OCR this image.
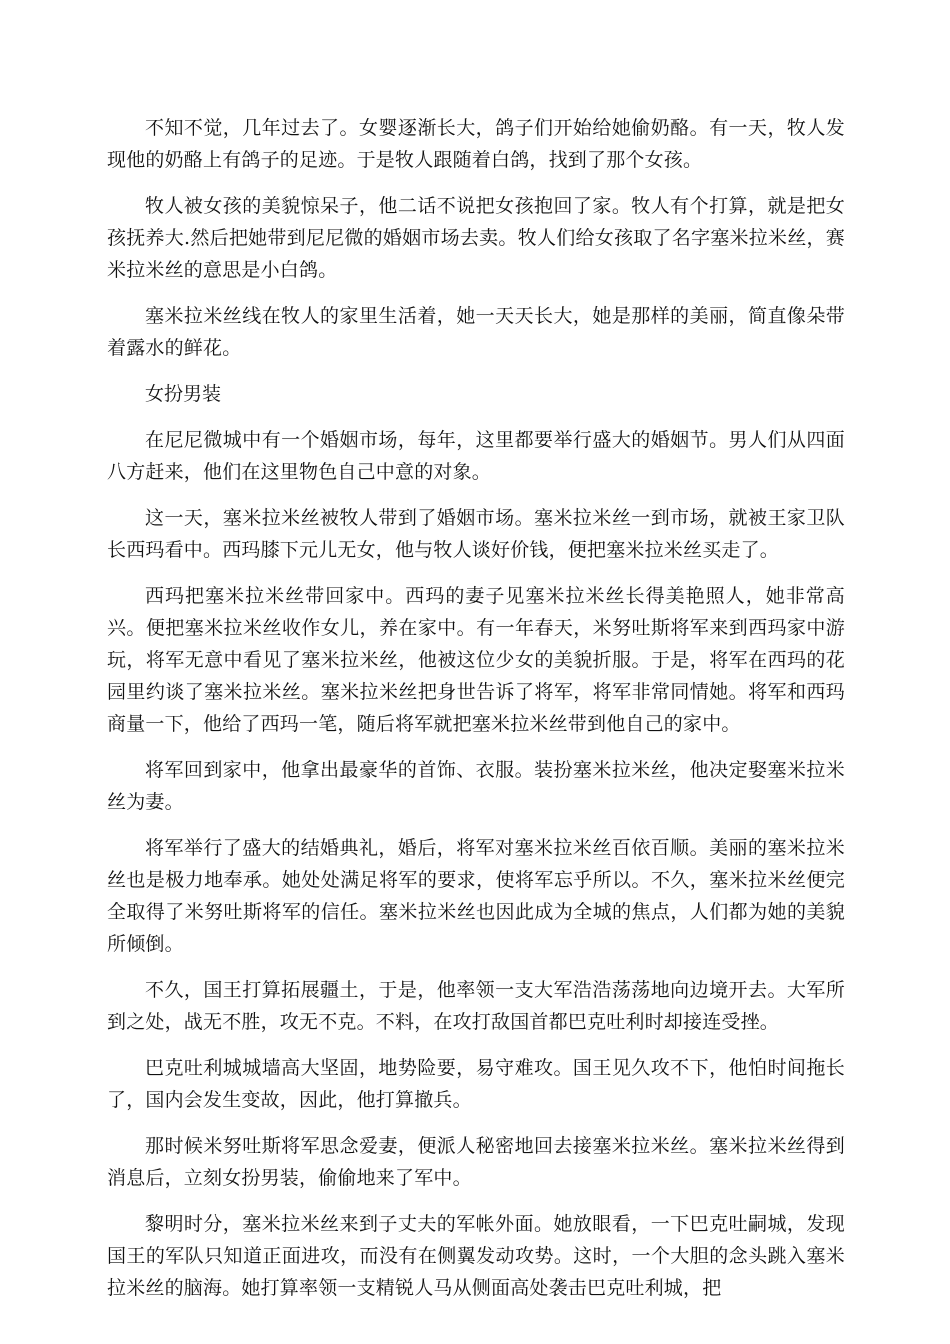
不知不觉，几年过去了。女婴逐渐长大，鸽子们开始给她偷奶酪。有一天，牧人发现他的奶酪上有鸽子的足迹。于是牧人跟随着白鸽，找到了那个女孩。

牧人被女孩的美貌惊呆子，他二话不说把女孩抱回了家。牧人有个打算，就是把女孩抚养大.然后把她带到尼尼微的婚姻市场去卖。牧人们给女孩取了名字塞米拉米丝，赛米拉米丝的意思是小白鸽。

塞米拉米丝线在牧人的家里生活着，她一天天长大，她是那样的美丽，简直像朵带着露水的鲜花。

女扮男装

在尼尼微城中有一个婚姻市场，每年，这里都要举行盛大的婚姻节。男人们从四面八方赶来，他们在这里物色自己中意的对象。

这一天，塞米拉米丝被牧人带到了婚姻市场。塞米拉米丝一到市场，就被王家卫队长西玛看中。西玛膝下元儿无女，他与牧人谈好价钱，便把塞米拉米丝买走了。

西玛把塞米拉米丝带回家中。西玛的妻子见塞米拉米丝长得美艳照人，她非常高兴。便把塞米拉米丝收作女儿，养在家中。有一年春天，米努吐斯将军来到西玛家中游玩，将军无意中看见了塞米拉米丝，他被这位少女的美貌折服。于是，将军在西玛的花园里约谈了塞米拉米丝。塞米拉米丝把身世告诉了将军，将军非常同情她。将军和西玛商量一下，他给了西玛一笔，随后将军就把塞米拉米丝带到他自己的家中。

将军回到家中，他拿出最豪华的首饰、衣服。装扮塞米拉米丝，他决定娶塞米拉米丝为妻。

将军举行了盛大的结婚典礼，婚后，将军对塞米拉米丝百依百顺。美丽的塞米拉米丝也是极力地奉承。她处处满足将军的要求，使将军忘乎所以。不久，塞米拉米丝便完全取得了米努吐斯将军的信任。塞米拉米丝也因此成为全城的焦点，人们都为她的美貌所倾倒。

不久，国王打算拓展疆土，于是，他率领一支大军浩浩荡荡地向边境开去。大军所到之处，战无不胜，攻无不克。不料，在攻打敌国首都巴克吐利时却接连受挫。

巴克吐利城城墙高大坚固，地势险要，易守难攻。国王见久攻不下，他怕时间拖长了，国内会发生变故，因此，他打算撤兵。

那时候米努吐斯将军思念爱妻，便派人秘密地回去接塞米拉米丝。塞米拉米丝得到消息后，立刻女扮男装，偷偷地来了军中。

黎明时分，塞米拉米丝来到子丈夫的军帐外面。她放眼看，一下巴克吐嗣城，发现国王的军队只知道正面进攻，而没有在侧翼发动攻势。这时，一个大胆的念头跳入塞米拉米丝的脑海。她打算率领一支精锐人马从侧面高处袭击巴克吐利城，把
